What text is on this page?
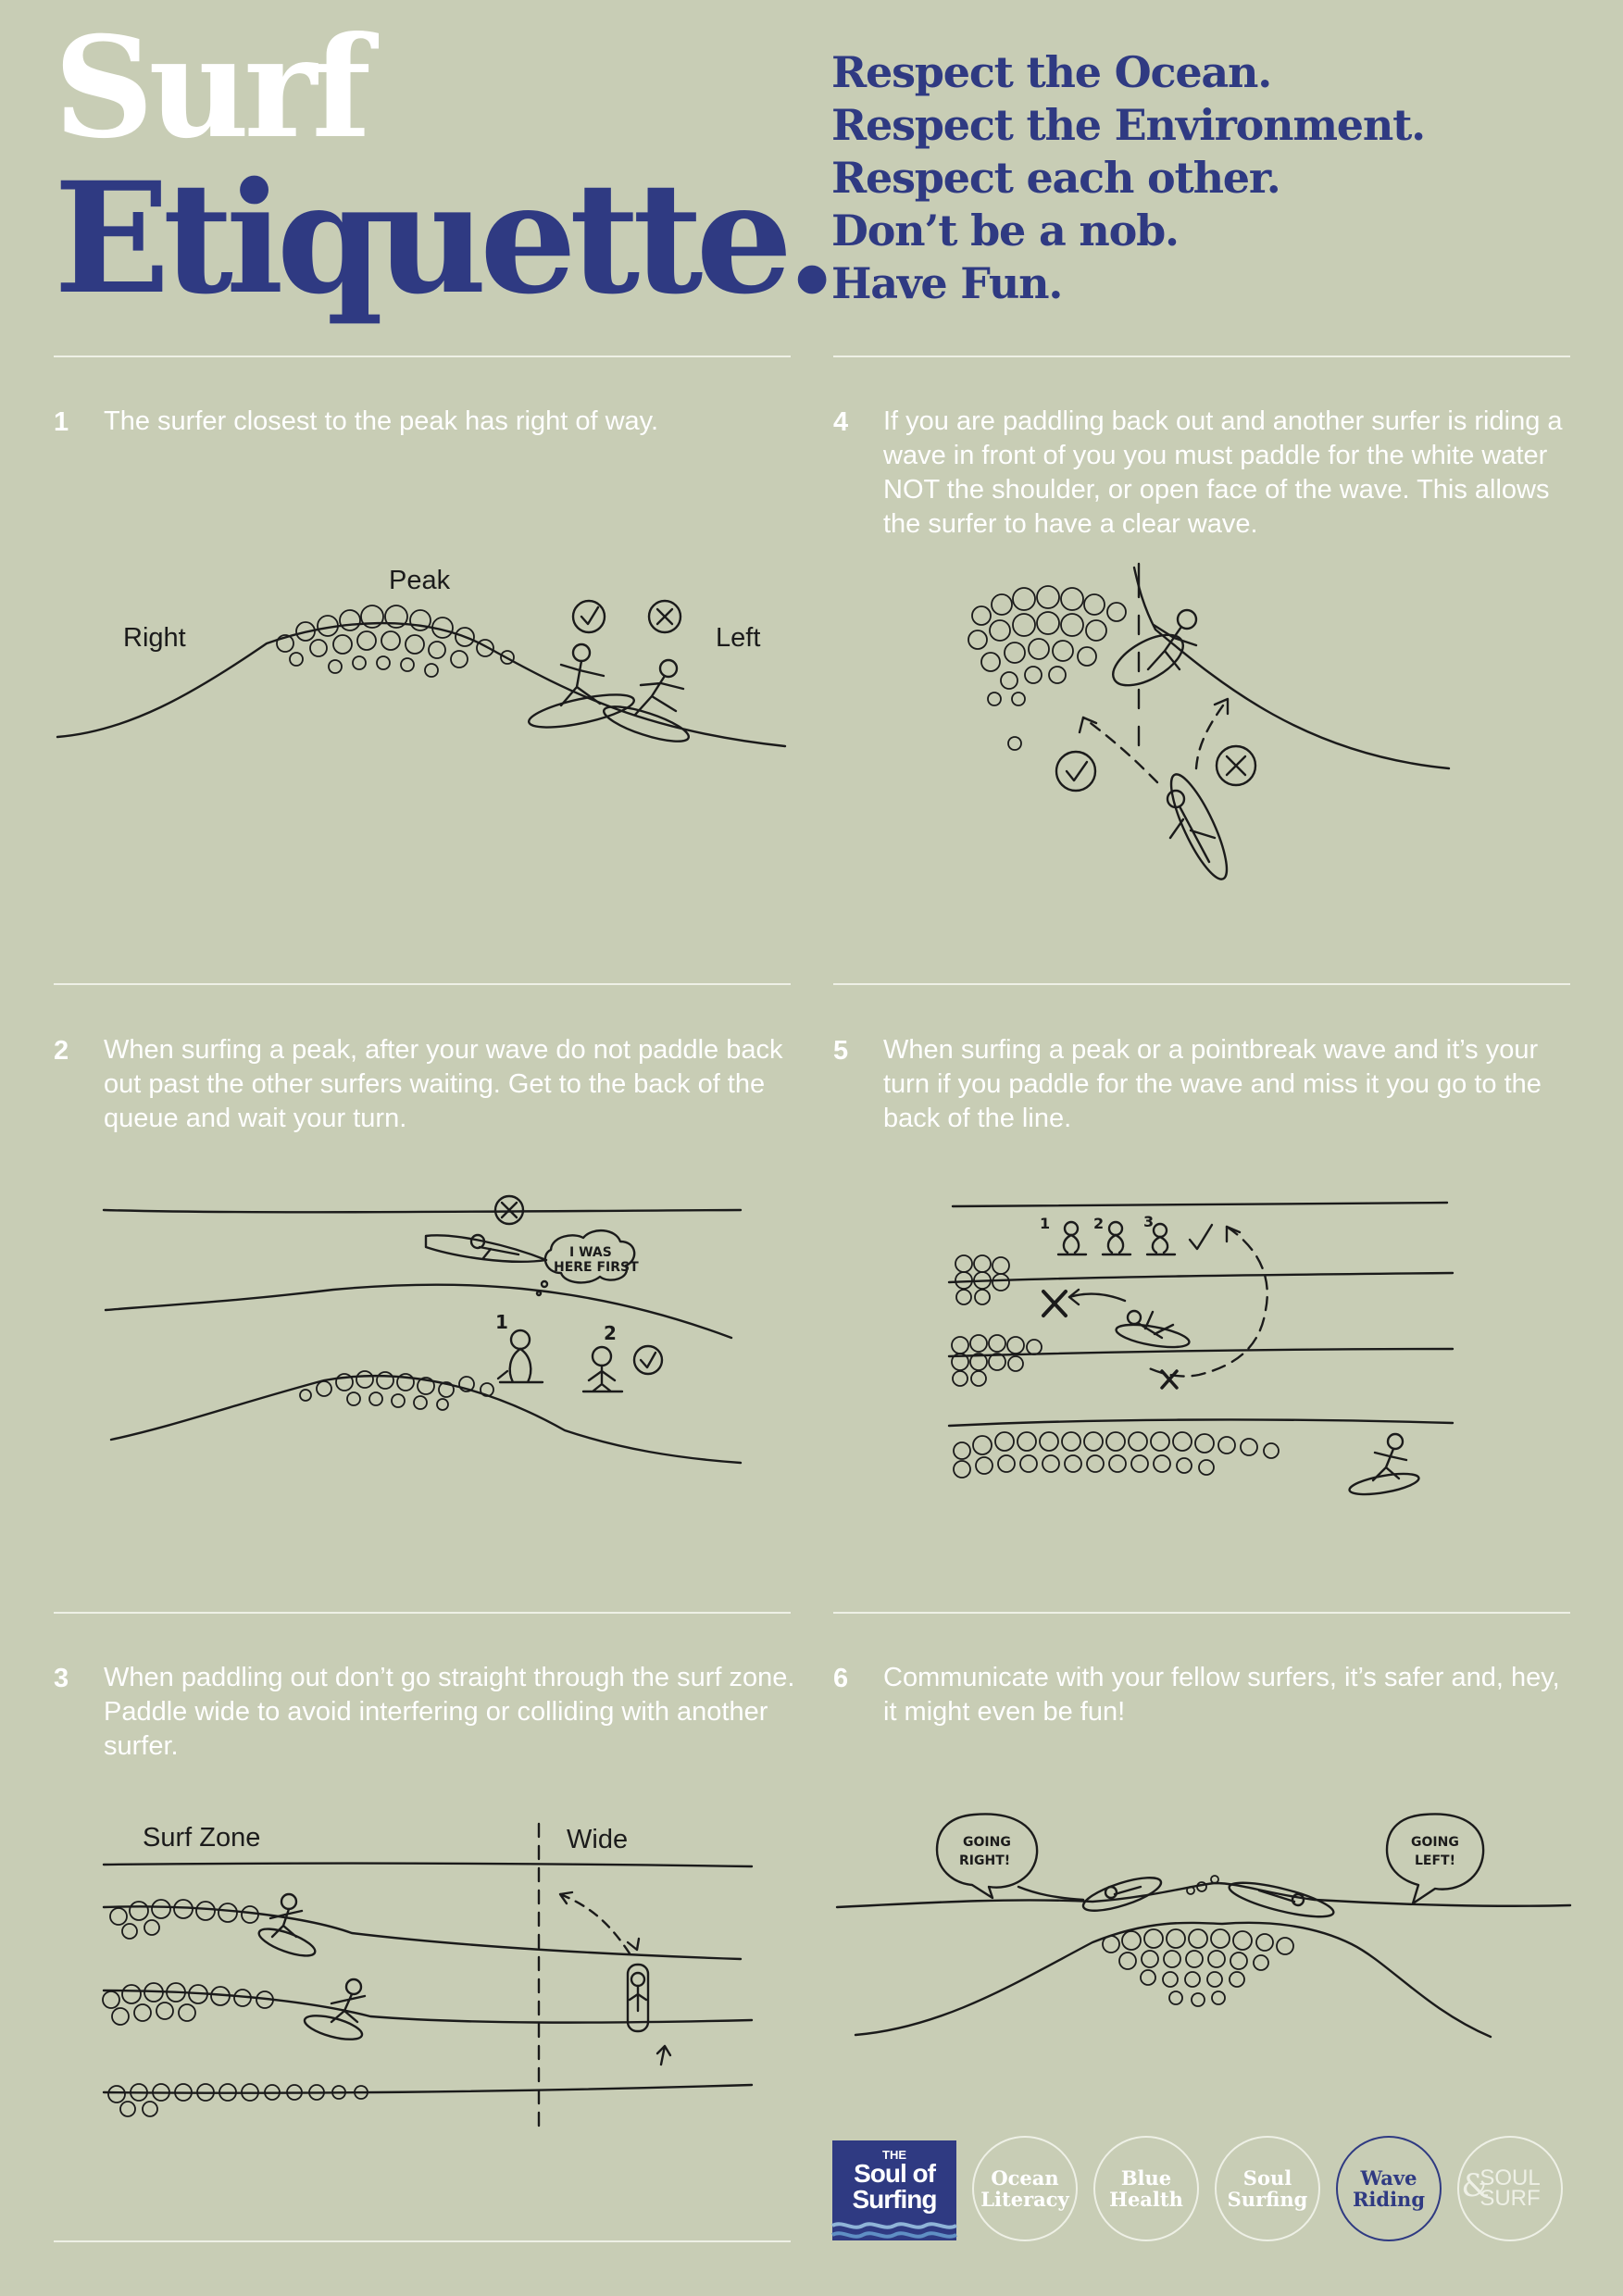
Surf
Etiquette.
Respect the Ocean.
Respect the Environment.
Respect each other.
Don’t be a nob.
Have Fun.
1 The surfer closest to the peak has right of way.
2 When surfing a peak, after your wave do not paddle back out past the other surfers waiting. Get to the back of the queue and wait your turn.
3 When paddling out don’t go straight through the surf zone. Paddle wide to avoid interfering or colliding with another surfer.
4 If you are paddling back out and another surfer is riding a wave in front of you you must paddle for the white water NOT the shoulder, or open face of the wave. This allows the surfer to have a clear wave.
5 When surfing a peak or a pointbreak wave and it’s your turn if you paddle for the wave and miss it you go to the back of the line.
6 Communicate with your fellow surfers, it’s safer and, hey, it might even be fun!
Right
Peak
Left
I WAS
HERE FIRST
1	2
1	2	3
Surf Zone	Wide	GOING
RIGHT!
GOING
LEFT!
THE
Soul of
Surfing
Ocean
Literacy
Blue
Health
Soul
Surfing
Wave
Riding &
SOUL
SURF
